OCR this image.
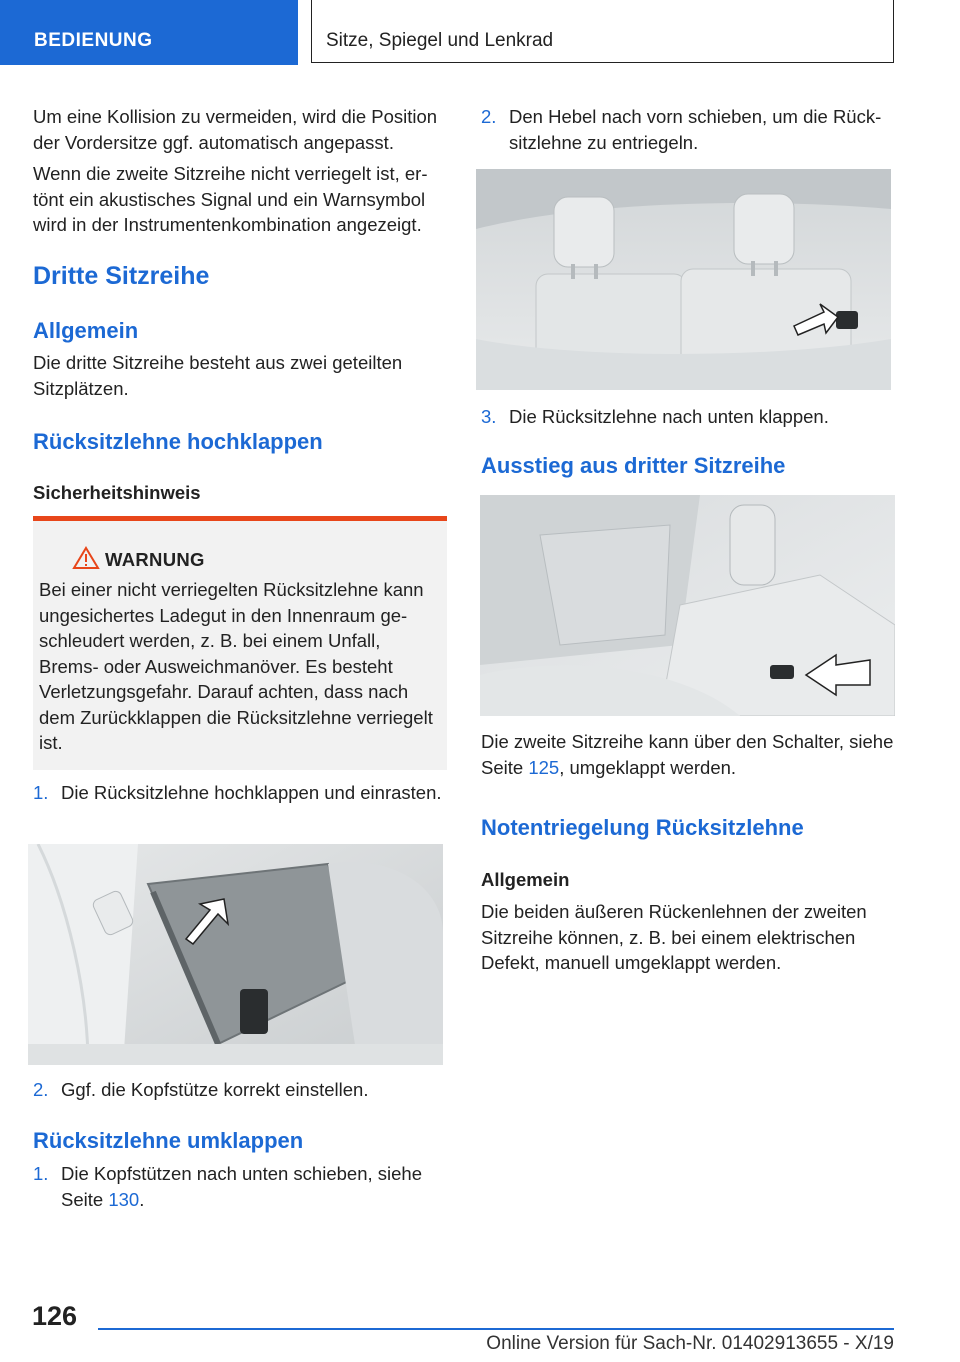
BEDIENUNG	Sitze, Spiegel und Lenkrad

Um eine Kollision zu vermeiden, wird die Position der Vordersitze ggf. automatisch angepasst.

Wenn die zweite Sitzreihe nicht verriegelt ist, ertönt ein akustisches Signal und ein Warnsymbol wird in der Instrumentenkombination angezeigt.

Dritte Sitzreihe
Allgemein

Die dritte Sitzreihe besteht aus zwei geteilten Sitzplätzen.

Rücksitzlehne hochklappen
Sicherheitshinweis
WARNUNG

Bei einer nicht verriegelten Rücksitzlehne kann ungesichertes Ladegut in den Innenraum geschleudert werden, z. B. bei einem Unfall, Brems- oder Ausweichmanöver. Es besteht Verletzungsgefahr. Darauf achten, dass nach dem Zurückklappen die Rücksitzlehne verriegelt ist.

1. Die Rücksitzlehne hochklappen und einrasten.

2. Ggf. die Kopfstütze korrekt einstellen.

Rücksitzlehne umklappen
1. Die Kopfstützen nach unten schieben, siehe Seite 130.

2. Den Hebel nach vorn schieben, um die Rücksitzlehne zu entriegeln.

3. Die Rücksitzlehne nach unten klappen.

Ausstieg aus dritter Sitzreihe

Die zweite Sitzreihe kann über den Schalter, siehe Seite 125, umgeklappt werden.

Notentriegelung Rücksitzlehne
Allgemein

Die beiden äußeren Rückenlehnen der zweiten Sitzreihe können, z. B. bei einem elektrischen Defekt, manuell umgeklappt werden.

126
Online Version für Sach-Nr. 01402913655 - X/19
